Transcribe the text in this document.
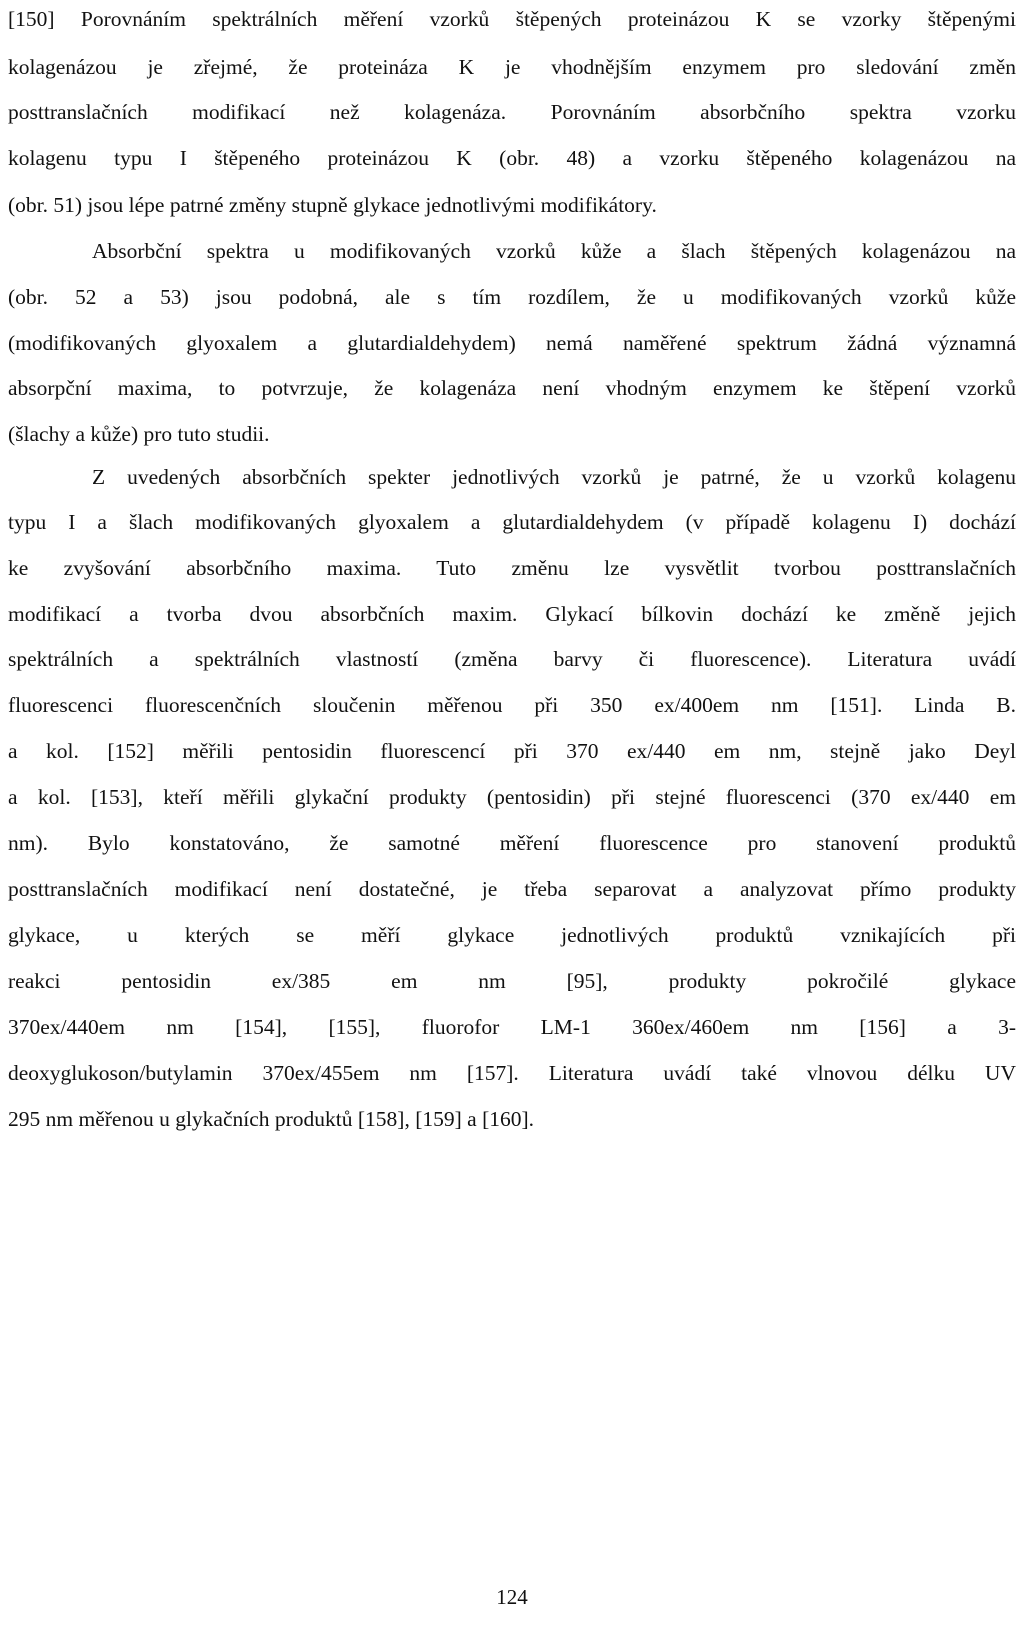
[150] Porovnáním spektrálních měření vzorků štěpených proteinázou K se vzorky štěpenými
kolagenázou je zřejmé, že proteináza K je vhodnějším enzymem pro sledování změn
posttranslačních modifikací než kolagenáza. Porovnáním absorbčního spektra vzorku
kolagenu typu I štěpeného proteinázou K (obr. 48) a vzorku štěpeného kolagenázou na
(obr. 51) jsou lépe patrné změny stupně glykace jednotlivými modifikátory.
Absorbční spektra u modifikovaných vzorků kůže a šlach štěpených kolagenázou na
(obr. 52 a 53) jsou podobná, ale s tím rozdílem, že u modifikovaných vzorků kůže
(modifikovaných glyoxalem a glutardialdehydem) nemá naměřené spektrum žádná významná
absorpční maxima, to potvrzuje, že kolagenáza není vhodným enzymem ke štěpení vzorků
(šlachy a kůže) pro tuto studii.
Z uvedených absorbčních spekter jednotlivých vzorků je patrné, že u vzorků kolagenu
typu I a šlach modifikovaných glyoxalem a glutardialdehydem (v případě kolagenu I) dochází
ke zvyšování absorbčního maxima. Tuto změnu lze vysvětlit tvorbou posttranslačních
modifikací a tvorba dvou absorbčních maxim. Glykací bílkovin dochází ke změně jejich
spektrálních a spektrálních vlastností (změna barvy či fluorescence). Literatura uvádí
fluorescenci fluorescenčních sloučenin měřenou při 350 ex/400em nm [151]. Linda B.
a kol. [152] měřili pentosidin fluorescencí při 370 ex/440 em nm, stejně jako Deyl
a kol. [153], kteří měřili glykační produkty (pentosidin) při stejné fluorescenci (370 ex/440 em
nm). Bylo konstatováno, že samotné měření fluorescence pro stanovení produktů
posttranslačních modifikací není dostatečné, je třeba separovat a analyzovat přímo produkty
glykace, u kterých se měří glykace jednotlivých produktů vznikajících při
reakci pentosidin ex/385 em nm [95], produkty pokročilé glykace
370ex/440em nm [154], [155], fluorofor LM-1 360ex/460em nm [156] a 3-
deoxyglukoson/butylamin 370ex/455em nm [157]. Literatura uvádí také vlnovou délku UV
295 nm měřenou u glykačních produktů [158], [159] a [160].
124
